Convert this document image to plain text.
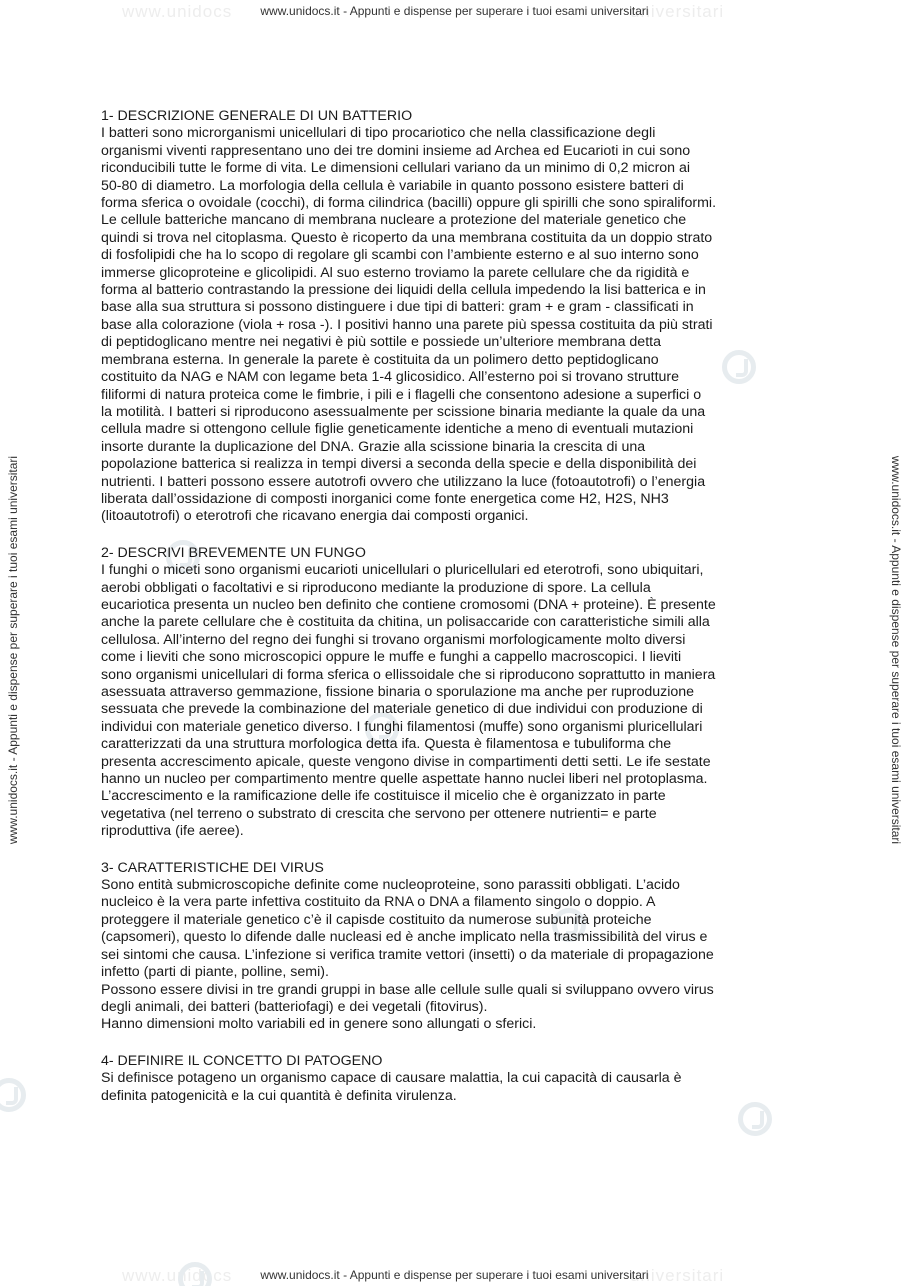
www.unidocs	universitari
www.unidocs	universitari
www.unidocs.it - Appunti e dispense per superare i tuoi esami universitari
www.unidocs.it - Appunti e dispense per superare i tuoi esami universitari
www.unidocs.it - Appunti e dispense per superare i tuoi esami universitari	www.unidocs.it - Appunti e dispense per superare i tuoi esami universitari
1- DESCRIZIONE GENERALE DI UN BATTERIO

I batteri sono microrganismi unicellulari di tipo procariotico che nella classificazione degli
organismi viventi rappresentano uno dei tre domini insieme ad Archea ed Eucarioti in cui sono
riconducibili tutte le forme di vita. Le dimensioni cellulari variano da un minimo di 0,2 micron ai
50-80 di diametro. La morfologia della cellula è variabile in quanto possono esistere batteri di
forma sferica o ovoidale (cocchi), di forma cilindrica (bacilli) oppure gli spirilli che sono spiraliformi.
Le cellule batteriche mancano di membrana nucleare a protezione del materiale genetico che
quindi si trova nel citoplasma. Questo è ricoperto da una membrana costituita da un doppio strato
di fosfolipidi che ha lo scopo di regolare gli scambi con l’ambiente esterno e al suo interno sono
immerse glicoproteine e glicolipidi. Al suo esterno troviamo la parete cellulare che da rigidità e
forma al batterio contrastando la pressione dei liquidi della cellula impedendo la lisi batterica e in
base alla sua struttura si possono distinguere i due tipi di batteri: gram + e gram - classificati in
base alla colorazione (viola + rosa -). I positivi hanno una parete più spessa costituita da più strati
di peptidoglicano mentre nei negativi è più sottile e possiede un’ulteriore membrana detta
membrana esterna. In generale la parete è costituita da un polimero detto peptidoglicano
costituito da NAG e NAM con legame beta 1-4 glicosidico. All’esterno poi si trovano strutture
filiformi di natura proteica come le fimbrie, i pili e i flagelli che consentono adesione a superfici o
la motilità. I batteri si riproducono asessualmente per scissione binaria mediante la quale da una
cellula madre si ottengono cellule figlie geneticamente identiche a meno di eventuali mutazioni
insorte durante la duplicazione del DNA. Grazie alla scissione binaria la crescita di una
popolazione batterica si realizza in tempi diversi a seconda della specie e della disponibilità dei
nutrienti. I batteri possono essere autotrofi ovvero che utilizzano la luce (fotoautotrofi) o l’energia
liberata dall’ossidazione di composti inorganici come fonte energetica come H2, H2S, NH3
(litoautotrofi) o eterotrofi che ricavano energia dai composti organici.

2- DESCRIVI BREVEMENTE UN FUNGO

I funghi o miceti sono organismi eucarioti unicellulari o pluricellulari ed eterotrofi, sono ubiquitari,
aerobi obbligati o facoltativi e si riproducono mediante la produzione di spore. La cellula
eucariotica presenta un nucleo ben definito che contiene cromosomi (DNA + proteine). È presente
anche la parete cellulare che è costituita da chitina, un polisaccaride con caratteristiche simili alla
cellulosa. All’interno del regno dei funghi si trovano organismi morfologicamente molto diversi
come i lieviti che sono microscopici oppure le muffe e funghi a cappello macroscopici. I lieviti
sono organismi unicellulari di forma sferica o ellissoidale che si riproducono soprattutto in maniera
asessuata attraverso gemmazione, fissione binaria o sporulazione ma anche per ruproduzione
sessuata che prevede la combinazione del materiale genetico di due individui con produzione di
individui con materiale genetico diverso. I funghi filamentosi (muffe) sono organismi pluricellulari
caratterizzati da una struttura morfologica detta ifa. Questa è filamentosa e tubuliforma che
presenta accrescimento apicale, queste vengono divise in compartimenti detti setti. Le ife sestate
hanno un nucleo per compartimento mentre quelle aspettate hanno nuclei liberi nel protoplasma.
L’accrescimento e la ramificazione delle ife costituisce il micelio che è organizzato in parte
vegetativa (nel terreno o substrato di crescita che servono per ottenere nutrienti= e parte
riproduttiva (ife aeree).

3- CARATTERISTICHE DEI VIRUS

Sono entità submicroscopiche definite come nucleoproteine, sono parassiti obbligati. L’acido
nucleico è la vera parte infettiva costituito da RNA o DNA a filamento singolo o doppio. A
proteggere il materiale genetico c’è il capisde costituito da numerose subunità proteiche
(capsomeri), questo lo difende dalle nucleasi ed è anche implicato nella trasmissibilità del virus e
sei sintomi che causa. L’infezione si verifica tramite vettori (insetti) o da materiale di propagazione
infetto (parti di piante, polline, semi).
Possono essere divisi in tre grandi gruppi in base alle cellule sulle quali si sviluppano ovvero virus
degli animali, dei batteri (batteriofagi) e dei vegetali (fitovirus).
Hanno dimensioni molto variabili ed in genere sono allungati o sferici.

4- DEFINIRE IL CONCETTO DI PATOGENO

Si definisce potageno un organismo capace di causare malattia, la cui capacità di causarla è
definita patogenicità e la cui quantità è definita virulenza.
